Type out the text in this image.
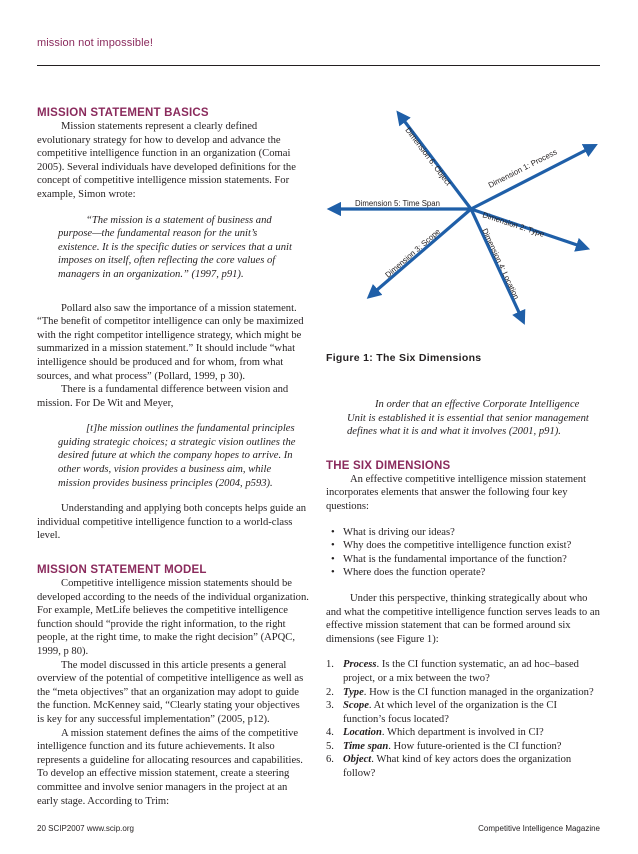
mission not impossible!
MISSION STATEMENT BASICS

Mission statements represent a clearly defined evolutionary strategy for how to develop and advance the competitive intelligence function in an organization (Comai 2005). Several individuals have developed definitions for the concept of competitive intelligence mission statements. For example, Simon wrote:

“The mission is a statement of business and purpose—the fundamental reason for the unit’s existence. It is the specific duties or services that a unit imposes on itself, often reflecting the core values of managers in an organization.” (1997, p91).

Pollard also saw the importance of a mission statement. “The benefit of competitor intelligence can only be maximized with the right competitor intelligence strategy, which might be summarized in a mission statement.” It should include “what intelligence should be produced and for whom, from what sources, and what process” (Pollard, 1999, p 30).

There is a fundamental difference between vision and mission. For De Wit and Meyer,

[t]he mission outlines the fundamental principles guiding strategic choices; a strategic vision outlines the desired future at which the company hopes to arrive. In other words, vision provides a business aim, while mission provides business principles (2004, p593).

Understanding and applying both concepts helps guide an individual competitive intelligence function to a world-class level.

MISSION STATEMENT MODEL

Competitive intelligence mission statements should be developed according to the needs of the individual organization. For example, MetLife believes the competitive intelligence function should “provide the right information, to the right people, at the right time, to make the right decision” (APQC, 1999, p 80).

The model discussed in this article presents a general overview of the potential of competitive intelligence as well as the “meta objectives” that an organization may adopt to guide the function. McKenney said, “Clearly stating your objectives is key for any successful implementation” (2005, p12).

A mission statement defines the aims of the competitive intelligence function and its future achievements. It also represents a guideline for allocating resources and capabilities. To develop an effective mission statement, create a steering committee and involve senior managers in the project at an early stage. According to Trim:

Dimension 1: Process
Dimension 2: Type
Dimension 3: Scope	Dimension 4: Location
Dimension 5: Time Span
Dimension 6: Object
Figure 1: The Six Dimensions

In order that an effective Corporate Intelligence Unit is established it is essential that senior management defines what it is and what it involves (2001, p91).

THE SIX DIMENSIONS

An effective competitive intelligence mission statement incorporates elements that answer the following four key questions:

• What is driving our ideas?
• Why does the competitive intelligence function exist?
• What is the fundamental importance of the function?
• Where does the function operate?

Under this perspective, thinking strategically about who and what the competitive intelligence function serves leads to an effective mission statement that can be formed around six dimensions (see Figure 1):

1. Process. Is the CI function systematic, an ad hoc–based project, or a mix between the two?
2. Type. How is the CI function managed in the organization?
3. Scope. At which level of the organization is the CI function’s focus located?
4. Location. Which department is involved in CI?
5. Time span. How future-oriented is the CI function?
6. Object. What kind of key actors does the organization follow?
20 SCIP2007 www.scip.org	Competitive Intelligence Magazine
